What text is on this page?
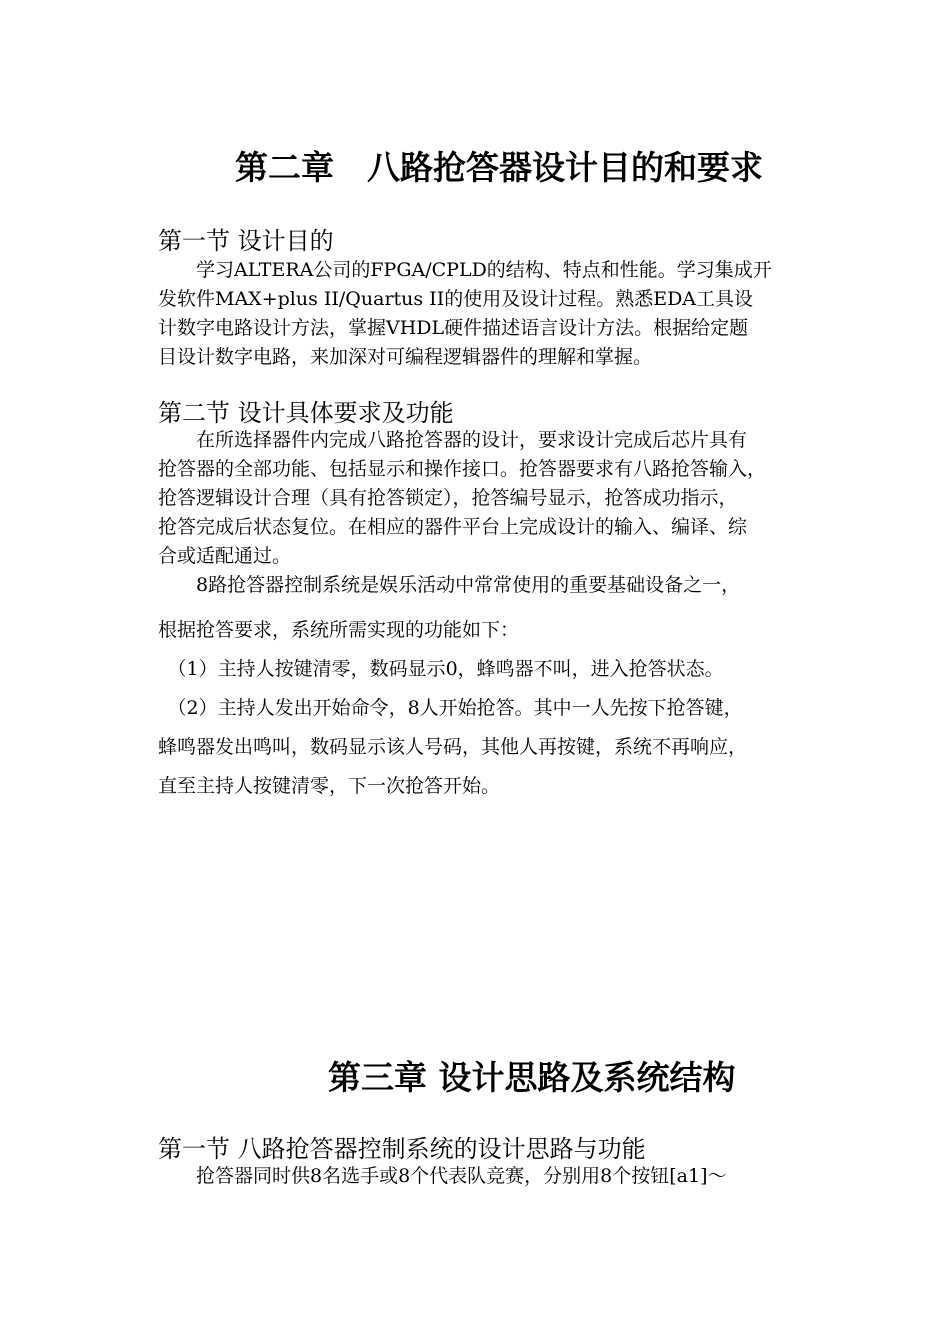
第二章　八路抢答器设计目的和要求
第一节 设计目的

　　学习ALTERA公司的FPGA/CPLD的结构、特点和性能。学习集成开

发软件MAX+plus II/Quartus II的使用及设计过程。熟悉EDA工具设

计数字电路设计方法，掌握VHDL硬件描述语言设计方法。根据给定题

目设计数字电路，来加深对可编程逻辑器件的理解和掌握。

第二节 设计具体要求及功能

　　在所选择器件内完成八路抢答器的设计，要求设计完成后芯片具有

抢答器的全部功能、包括显示和操作接口。抢答器要求有八路抢答输入，

抢答逻辑设计合理（具有抢答锁定），抢答编号显示，抢答成功指示，

抢答完成后状态复位。在相应的器件平台上完成设计的输入、编译、综

合或适配通过。

　　8路抢答器控制系统是娱乐活动中常常使用的重要基础设备之一，

根据抢答要求，系统所需实现的功能如下：

　（1）主持人按键清零，数码显示0，蜂鸣器不叫，进入抢答状态。

　（2）主持人发出开始命令，8人开始抢答。其中一人先按下抢答键，

蜂鸣器发出鸣叫，数码显示该人号码，其他人再按键，系统不再响应，

直至主持人按键清零，下一次抢答开始。

第三章 设计思路及系统结构
第一节 八路抢答器控制系统的设计思路与功能

　　抢答器同时供8名选手或8个代表队竞赛，分别用8个按钮[a1]～
